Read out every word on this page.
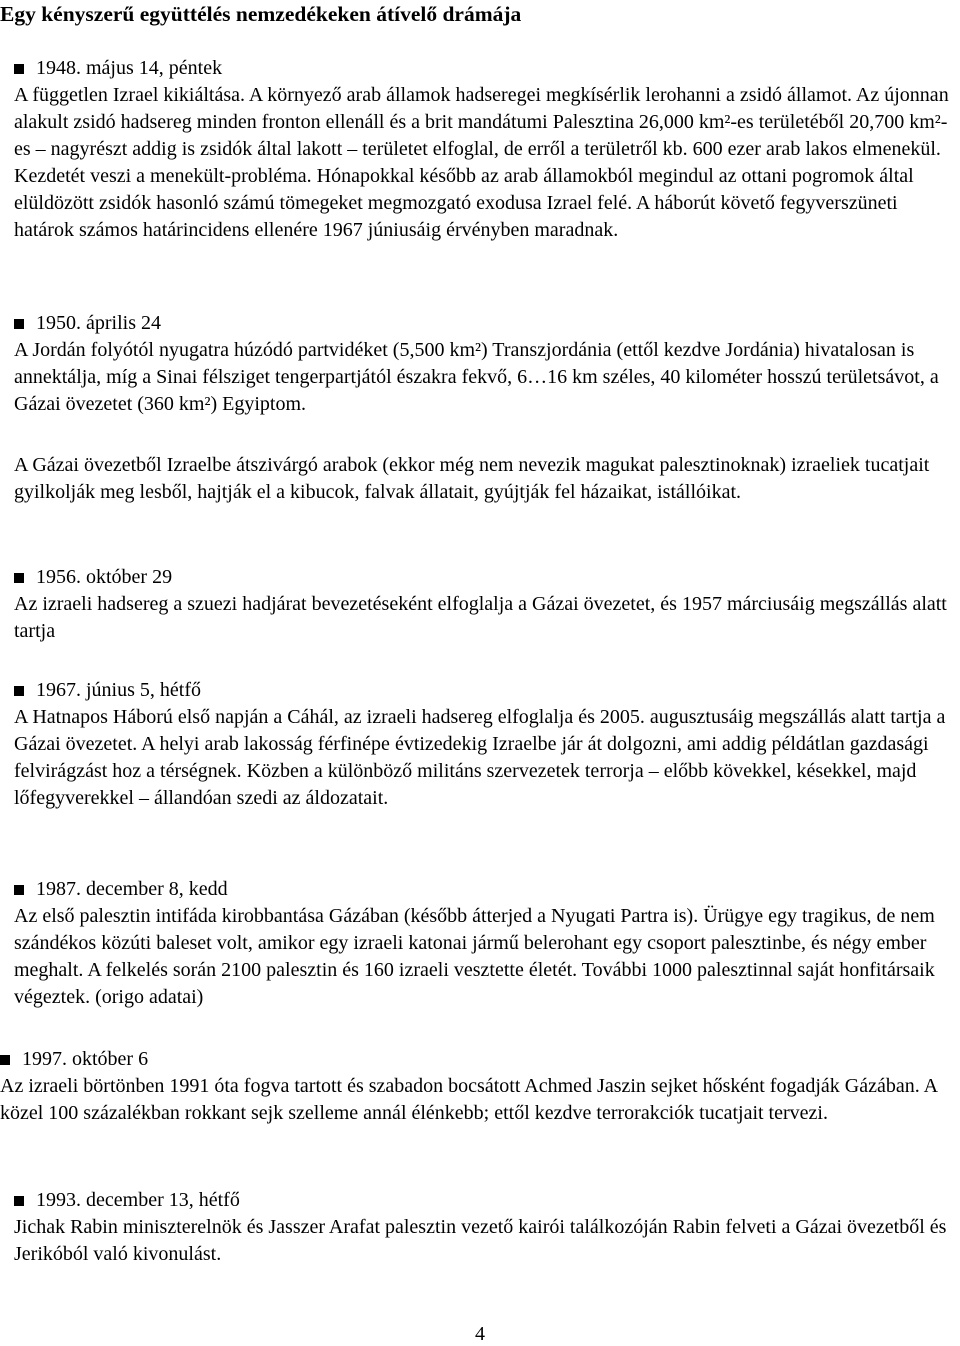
Egy kényszerű együttélés nemzedékeken átívelő drámája
1948. május 14, péntek

A független Izrael kikiáltása. A környező arab államok hadseregei megkísérlik lerohanni a zsidó államot. Az újonnan alakult zsidó hadsereg minden fronton ellenáll és a brit mandátumi Palesztina 26,000 km²-es területéből 20,700 km²-es – nagyrészt addig is zsidók által lakott – területet elfoglal, de erről a területről kb. 600 ezer arab lakos elmenekül. Kezdetét veszi a menekült-probléma. Hónapokkal később az arab államokból megindul az ottani pogromok által elüldözött zsidók hasonló számú tömegeket megmozgató exodusa Izrael felé. A háborút követő fegyverszüneti határok számos határincidens ellenére 1967 júniusáig érvényben maradnak.

1950. április 24

A Jordán folyótól nyugatra húzódó partvidéket (5,500 km²) Transzjordánia (ettől kezdve Jordánia) hivatalosan is annektálja, míg a Sinai félsziget tengerpartjától északra fekvő, 6…16 km széles, 40 kilométer hosszú területsávot, a Gázai övezetet (360 km²) Egyiptom.

A Gázai övezetből Izraelbe átszivárgó arabok (ekkor még nem nevezik magukat palesztinoknak) izraeliek tucatjait gyilkolják meg lesből, hajtják el a kibucok, falvak állatait, gyújtják fel házaikat, istállóikat.

1956. október 29

Az izraeli hadsereg a szuezi hadjárat bevezetéseként elfoglalja a Gázai övezetet, és 1957 márciusáig megszállás alatt tartja

1967. június 5, hétfő

A Hatnapos Háború első napján a Cáhál, az izraeli hadsereg elfoglalja és 2005. augusztusáig megszállás alatt tartja a Gázai övezetet. A helyi arab lakosság férfinépe évtizedekig Izraelbe jár át dolgozni, ami addig példátlan gazdasági felvirágzást hoz a térségnek. Közben a különböző militáns szervezetek terrorja – előbb kövekkel, késekkel, majd lőfegyverekkel – állandóan szedi az áldozatait.

1987. december 8, kedd

Az első palesztin intifáda kirobbantása Gázában (később átterjed a Nyugati Partra is). Ürügye egy tragikus, de nem szándékos közúti baleset volt, amikor egy izraeli katonai jármű belerohant egy csoport palesztinbe, és négy ember meghalt. A felkelés során 2100 palesztin és 160 izraeli vesztette életét. További 1000 palesztinnal saját honfitársaik végeztek. (origo adatai)

1997. október 6

Az izraeli börtönben 1991 óta fogva tartott és szabadon bocsátott Achmed Jaszin sejket hősként fogadják Gázában. A közel 100 százalékban rokkant sejk szelleme annál élénkebb; ettől kezdve terrorakciók tucatjait tervezi.

1993. december 13, hétfő

Jichak Rabin miniszterelnök és Jasszer Arafat palesztin vezető kairói találkozóján Rabin felveti a Gázai övezetből és Jerikóból való kivonulást.

4
